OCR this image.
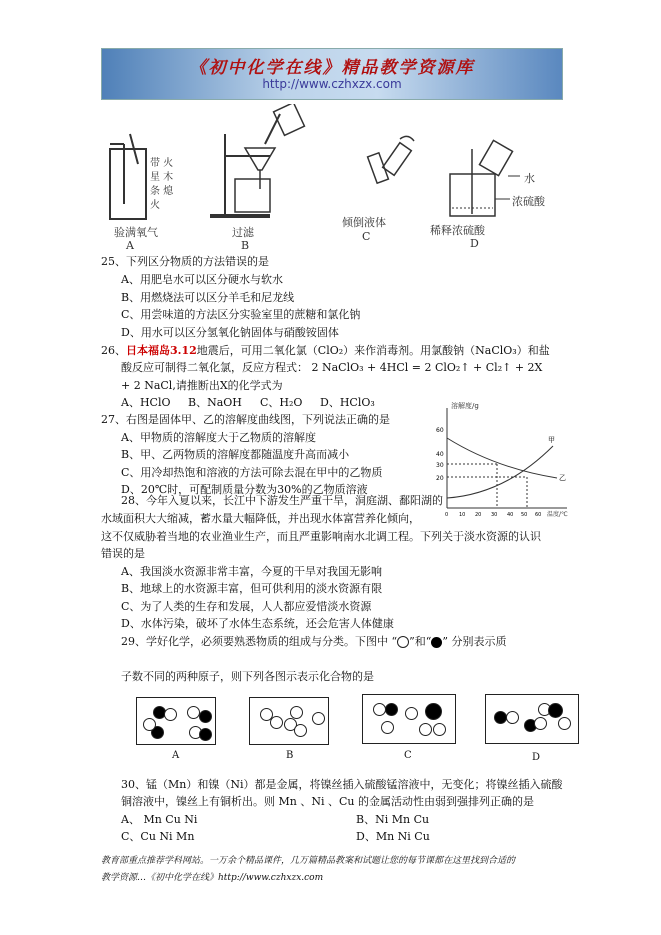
《初中化学在线》精品教学资源库
http://www.czhxzx.com
带 火
星 木
条 熄
火
验满氧气
A
过滤
B
倾倒液体
C
水
浓硫酸
稀释浓硫酸
D
25、下列区分物质的方法错误的是
A、用肥皂水可以区分硬水与软水
B、用燃烧法可以区分羊毛和尼龙线
C、用尝味道的方法区分实验室里的蔗糖和氯化钠
D、用水可以区分氢氧化钠固体与硝酸铵固体
26、日本福岛3.12地震后，可用二氧化氯（ClO₂）来作消毒剂。用氯酸钠（NaClO₃）和盐
酸反应可制得二氧化氯，反应方程式： 2 NaClO₃ + 4HCl = 2 ClO₂↑ + Cl₂↑ + 2X
+ 2 NaCl,请推断出X的化学式为
A、HClO B、NaOH C、H₂O D、HClO₃
27、右图是固体甲、乙的溶解度曲线图，下列说法正确的是
A、甲物质的溶解度大于乙物质的溶解度
B、甲、乙两物质的溶解度都随温度升高而减小
C、用冷却热饱和溶液的方法可除去混在甲中的乙物质
D、20℃时，可配制质量分数为30%的乙物质溶液
溶解度/g
温度/℃
60
40
30
20
甲
乙
0 10 20 30 40 50 60
28、今年入夏以来，长江中下游发生严重干旱，洞庭湖、鄱阳湖的
水域面积大大缩减，蓄水量大幅降低，并出现水体富营养化倾向，
这不仅威胁着当地的农业渔业生产，而且严重影响南水北调工程。下列关于淡水资源的认识
错误的是
A、我国淡水资源非常丰富，今夏的干旱对我国无影响
B、地球上的水资源丰富，但可供利用的淡水资源有限
C、为了人类的生存和发展，人人都应爱惜淡水资源
D、水体污染，破坏了水体生态系统，还会危害人体健康
29、学好化学，必须要熟悉物质的组成与分类。下图中 “ ”和“ ” 分别表示质
子数不同的两种原子，则下列各图示表示化合物的是
A	B	C	D
30、锰（Mn）和镍（Ni）都是金属，将镍丝插入硫酸锰溶液中，无变化；将镍丝插入硫酸
铜溶液中，镍丝上有铜析出。则 Mn 、Ni 、Cu 的金属活动性由弱到强排列正确的是
A、 Mn Cu Ni	B、Ni Mn Cu
C、Cu Ni Mn	D、Mn Ni Cu
教育部重点推荐学科网站。一万余个精品课件，几万篇精品教案和试题让您的每节课都在这里找到合适的
教学资源…《初中化学在线》http://www.czhxzx.com
